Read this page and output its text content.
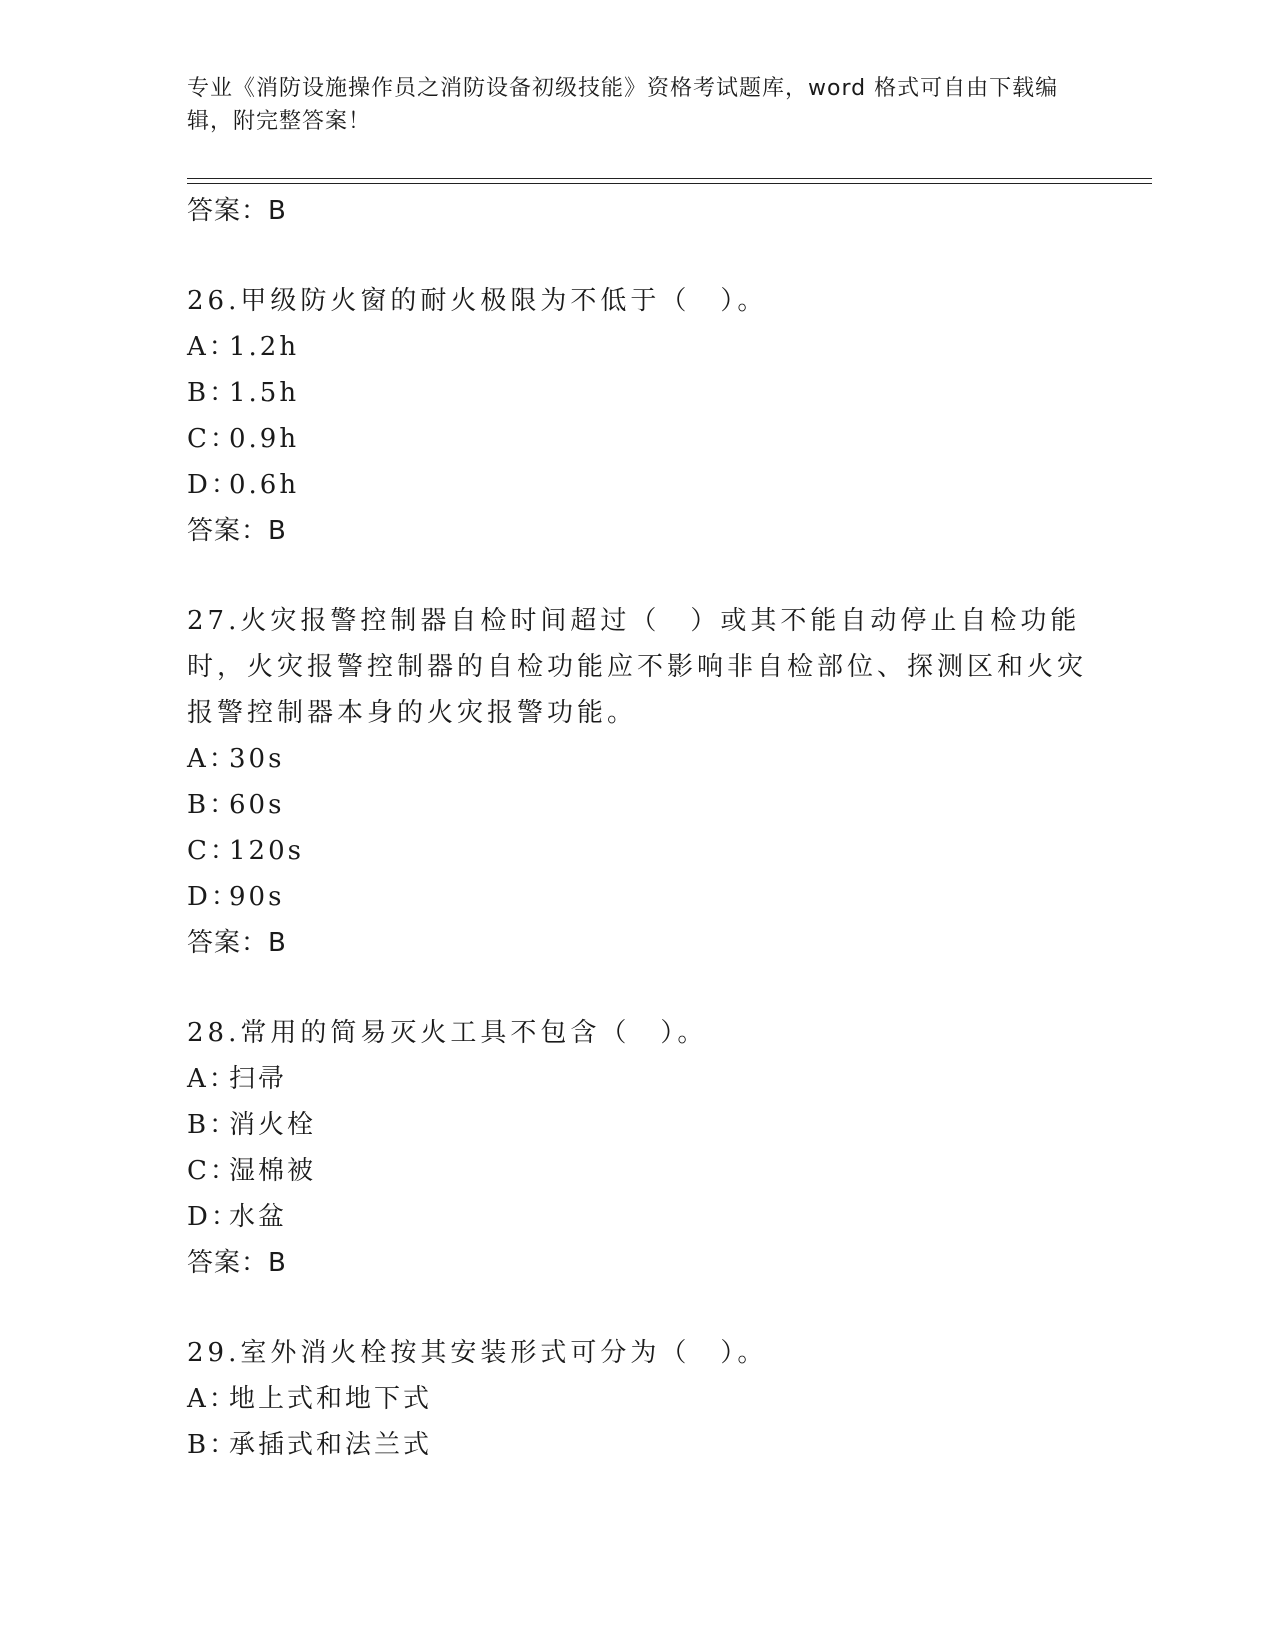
专业《消防设施操作员之消防设备初级技能》资格考试题库，word 格式可自由下载编辑，附完整答案！

答案：B

26.甲级防火窗的耐火极限为不低于（　）。

A：1.2h

B：1.5h

C：0.9h

D：0.6h

答案：B

27.火灾报警控制器自检时间超过（　）或其不能自动停止自检功能时，火灾报警控制器的自检功能应不影响非自检部位、探测区和火灾报警控制器本身的火灾报警功能。

A：30s

B：60s

C：120s

D：90s

答案：B

28.常用的简易灭火工具不包含（　）。

A：扫帚

B：消火栓

C：湿棉被

D：水盆

答案：B

29.室外消火栓按其安装形式可分为（　）。

A：地上式和地下式

B：承插式和法兰式
